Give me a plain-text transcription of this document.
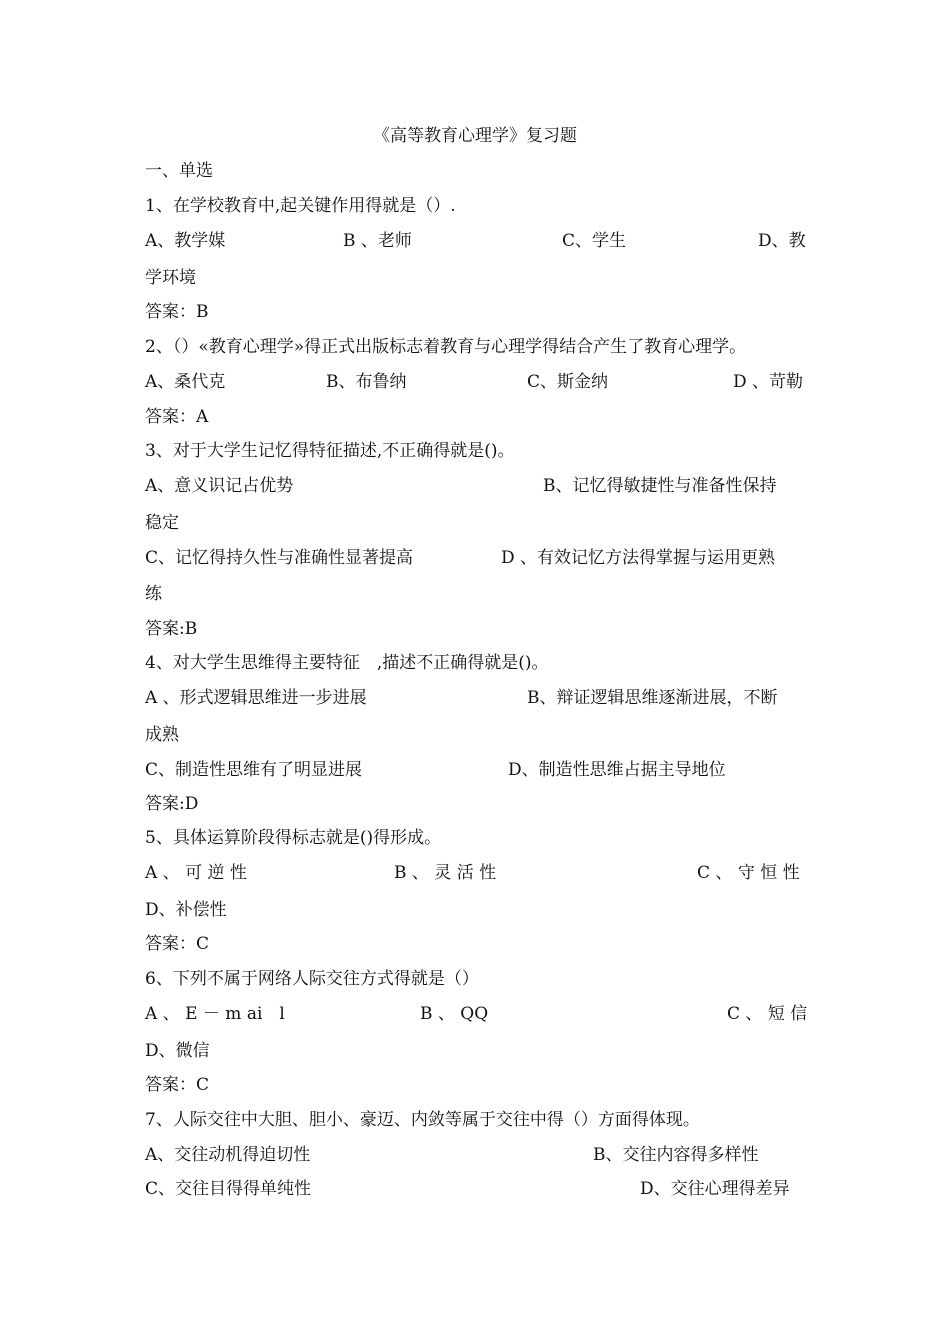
《高等教育心理学》复习题
一、单选
1、在学校教育中,起关键作用得就是（）.
A、教学媒	B 、老师	C、学生	D、教
学环境
答案：B
2、（）«教育心理学»得正式出版标志着教育与心理学得结合产生了教育心理学。
A、桑代克	B、布鲁纳	C、斯金纳	D 、苛勒
答案：A
3、对于大学生记忆得特征描述,不正确得就是()。
A、意义识记占优势	B、记忆得敏捷性与准备性保持
稳定
C、记忆得持久性与准确性显著提高	D 、有效记忆方法得掌握与运用更熟
练
答案:B
4、对大学生思维得主要特征　,描述不正确得就是()。
A 、形式逻辑思维进一步进展	B、辩证逻辑思维逐渐进展，不断
成熟
C、制造性思维有了明显进展	D、制造性思维占据主导地位
答案:D
5、具体运算阶段得标志就是()得形成。
A 、 可 逆 性	B 、 灵 活 性	C 、 守 恒 性
D、补偿性
答案：C
6、下列不属于网络人际交往方式得就是（）
A 、 E － m ai　l	B 、 QQ	C 、 短 信
D、微信
答案：C
7、人际交往中大胆、胆小、豪迈、内敛等属于交往中得（）方面得体现。
A、交往动机得迫切性	B、交往内容得多样性
C、交往目得得单纯性	D、交往心理得差异
